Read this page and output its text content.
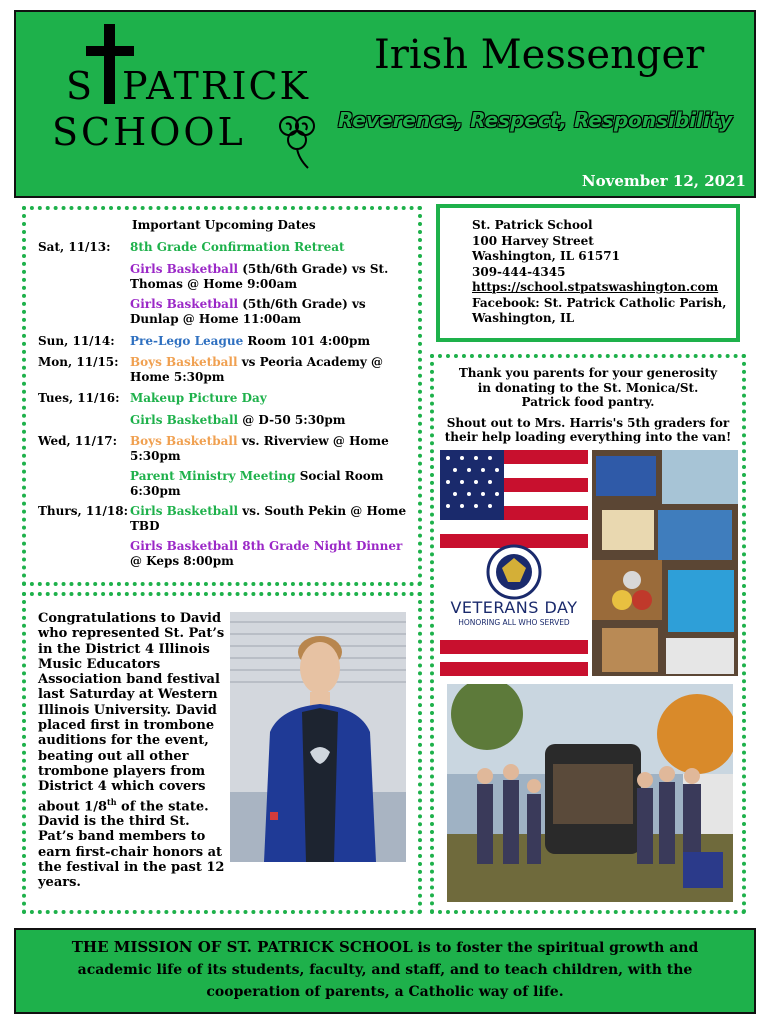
S PATRICK
SCHOOL
Irish Messenger
Reverence, Respect, Responsibility
November 12, 2021
Important Upcoming Dates
Sat, 11/13: 8th Grade Confirmation Retreat
Girls Basketball (5th/6th Grade) vs St. Thomas @ Home 9:00am
Girls Basketball (5th/6th Grade) vs Dunlap @ Home 11:00am
Sun, 11/14: Pre-Lego League Room 101 4:00pm
Mon, 11/15: Boys Basketball vs Peoria Academy @ Home 5:30pm
Tues, 11/16: Makeup Picture Day
Girls Basketball @ D-50 5:30pm
Wed, 11/17: Boys Basketball vs. Riverview @ Home 5:30pm
Parent Ministry Meeting Social Room 6:30pm
Thurs, 11/18: Girls Basketball vs. South Pekin @ Home TBD
Girls Basketball 8th Grade Night Dinner
@ Keps 8:00pm
St. Patrick School
100 Harvey Street
Washington, IL 61571
309-444-4345
https://school.stpatswashington.com
Facebook: St. Patrick Catholic Parish, Washington, IL
Thank you parents for your generosity in donating to the St. Monica/St. Patrick food pantry.
Shout out to Mrs. Harris's 5th graders for their help loading everything into the van!
VETERANS DAY
HONORING ALL WHO SERVED
Congratulations to David who represented St. Pat’s in the District 4 Illinois Music Educators Association band festival last Saturday at Western Illinois University. David placed first in trombone auditions for the event, beating out all other trombone players from District 4 which covers about 1/8th of the state. David is the third St. Pat’s band members to earn first-chair honors at the festival in the past 12 years.
THE MISSION OF ST. PATRICK SCHOOL is to foster the spiritual growth and academic life of its students, faculty, and staff, and to teach children, with the cooperation of parents, a Catholic way of life.
